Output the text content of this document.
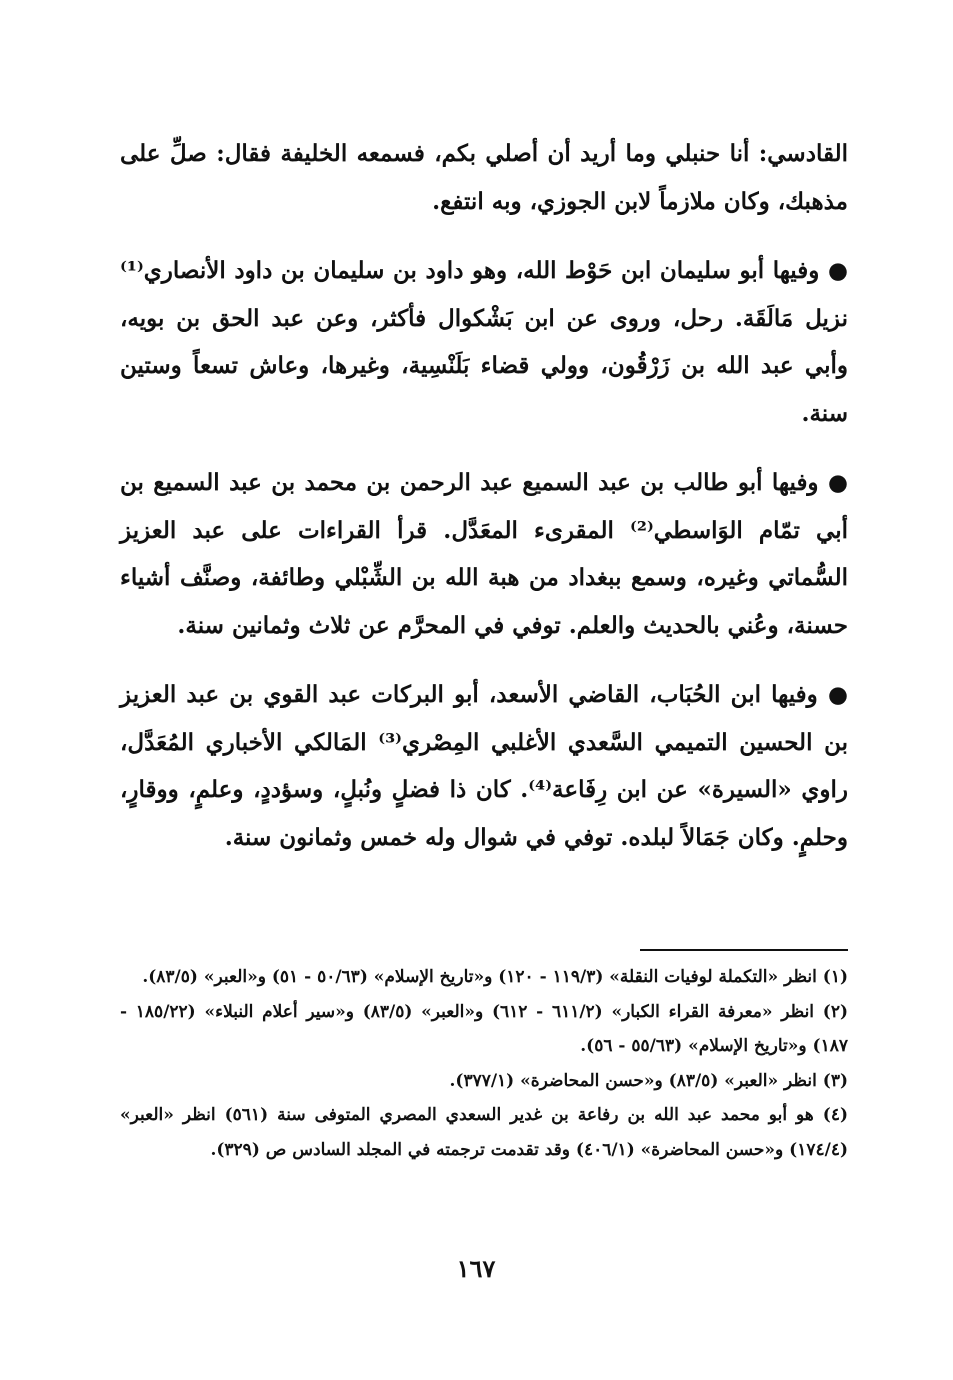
القادسي: أنا حنبلي وما أريد أن أصلي بكم، فسمعه الخليفة فقال: صلِّ على مذهبك، وكان ملازماً لابن الجوزي، وبه انتفع.

● وفيها أبو سليمان ابن حَوْط الله، وهو داود بن سليمان بن داود الأنصاري⁽¹⁾ نزيل مَالَقَة. رحل، وروى عن ابن بَشْكوال فأكثر، وعن عبد الحق بن بويه، وأبي عبد الله بن زَرْقُون، وولي قضاء بَلَنْسِية، وغيرها، وعاش تسعاً وستين سنة.

● وفيها أبو طالب بن عبد السميع عبد الرحمن بن محمد بن عبد السميع بن أبي تمّام الوَاسطي⁽²⁾ المقرىء المعَدَّل. قرأ القراءات على عبد العزيز السُّماتي وغيره، وسمع ببغداد من هبة الله بن الشِّبْلي وطائفة، وصنَّف أشياء حسنة، وعُني بالحديث والعلم. توفي في المحرَّم عن ثلاث وثمانين سنة.

● وفيها ابن الحُبَاب، القاضي الأسعد، أبو البركات عبد القوي بن عبد العزيز بن الحسين التميمي السَّعدي الأغلبي المِصْري⁽³⁾ المَالكي الأخباري المُعَدَّل، راوي «السيرة» عن ابن رِفَاعة⁽⁴⁾. كان ذا فضلٍ ونُبلٍ، وسؤددٍ، وعلمٍ، ووقارٍ، وحلمٍ. وكان جَمَالاً لبلده. توفي في شوال وله خمس وثمانون سنة.

(١) انظر «التكملة لوفيات النقلة» (١١٩/٣ - ١٢٠) و«تاريخ الإسلام» (٥٠/٦٣ - ٥١) و«العبر» (٨٣/٥).

(٢) انظر «معرفة القراء الكبار» (٦١١/٢ - ٦١٢) و«العبر» (٨٣/٥) و«سير أعلام النبلاء» (١٨٥/٢٢ - ١٨٧) و«تاريخ الإسلام» (٥٥/٦٣ - ٥٦).

(٣) انظر «العبر» (٨٣/٥) و«حسن المحاضرة» (٣٧٧/١).

(٤) هو أبو محمد عبد الله بن رفاعة بن غدير السعدي المصري المتوفى سنة (٥٦١) انظر «العبر» (١٧٤/٤) و«حسن المحاضرة» (٤٠٦/١) وقد تقدمت ترجمته في المجلد السادس ص (٣٢٩).

١٦٧
